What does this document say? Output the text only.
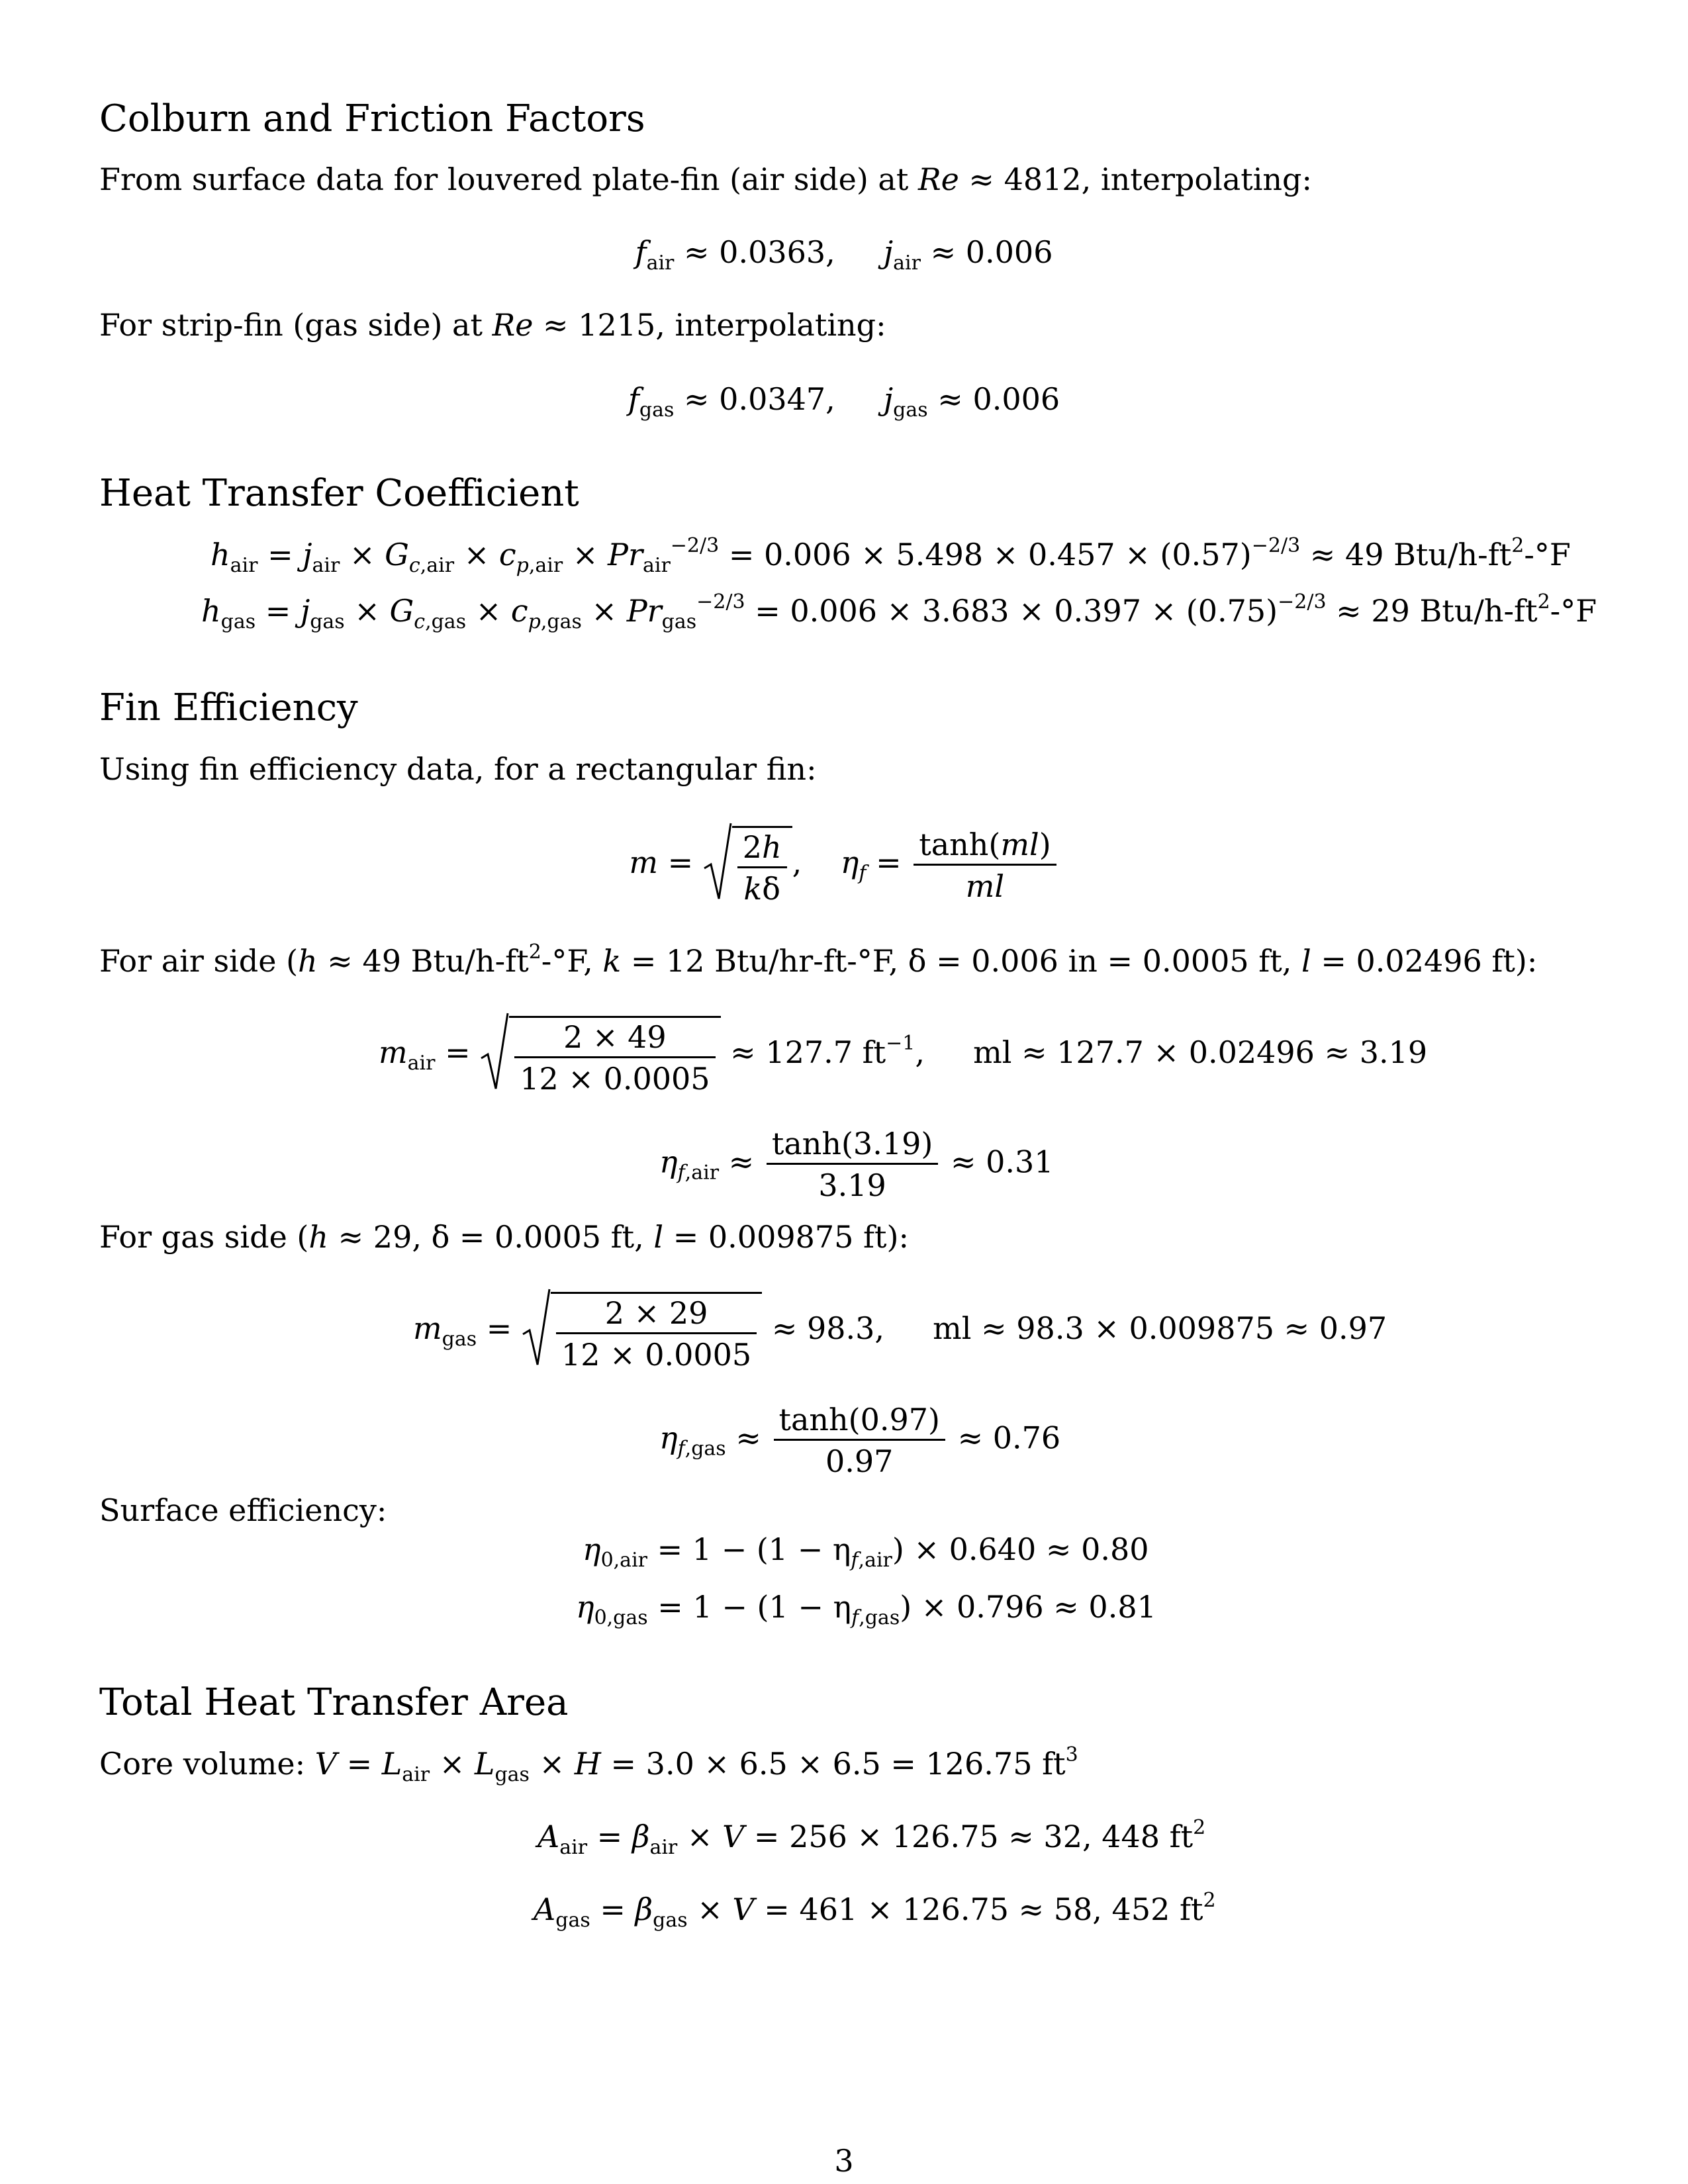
Colburn and Friction Factors

From surface data for louvered plate-fin (air side) at Re ≈ 4812, interpolating:

$f_{air} \approx 0.0363$, $j_{air} \approx 0.006$

For strip-fin (gas side) at Re ≈ 1215, interpolating:

$f_{gas} \approx 0.0347$, $j_{gas} \approx 0.006$
Heat Transfer Coefficient
$h_{air} = j_{air} \times G_{c,air} \times c_{p,air} \times Pr_{air}^{-2/3} = 0.006 \times 5.498 \times 0.457 \times (0.57)^{-2/3} \approx 49$ Btu/$h-ft^2-^\circ F$
$h_{gas} = j_{gas} \times G_{c,gas} \times c_{p,gas} \times Pr_{gas}^{-2/3} = 0.006 \times 3.683 \times 0.397 \times (0.75)^{-2/3} \approx 29$ Btu/$h-ft^2-^\circ F$
Fin Efficiency

Using fin efficiency data, for a rectangular fin:

$m = \frac{2h}{k\delta}$ ,    $\eta_f = \frac{\tanh(ml)}{ml}$

For air side (h ≈ 49 Btu/$h-ft^2-^\circ F$, k = 12 Btu/hr-ft-°F, δ = 0.006 in = 0.0005 ft, l = 0.02496 ft):

$m_{air} = \frac{2 \times 49}{12 \times 0.0005} \approx 127.7$ $ft^{-1}$,     ml ≈ 127.7 × 0.02496 ≈ 3.19
$\eta_{f,air} \approx \frac{\tanh(3.19)}{3.19} \approx 0.31$

For gas side (h ≈ 29, δ = 0.0005 ft, l = 0.009875 ft):

$m_{gas} = \frac{2 \times 29}{12 \times 0.0005} \approx 98.3$, ml ≈ 98.3 × 0.009875 ≈ 0.97
$\eta_{f,gas} \approx \frac{\tanh(0.97)}{0.97} \approx 0.76$

Surface efficiency:

$\eta_{0,air} = 1 - (1 - \eta_{f,air}) \times 0.640 \approx 0.80$
$\eta_{0,gas} = 1 - (1 - \eta_{f,gas}) \times 0.796 \approx 0.81$
Total Heat Transfer Area

Core volume: $V = L_{air} \times L_{gas} \times H = 3.0 \times 6.5 \times 6.5 = 126.75$ $ft^3$

$A_{air} = \beta_{air} \times V = 256 \times 126.75 \approx 32$, 448 $ft^2$
$A_{gas} = \beta_{gas} \times V = 461 \times 126.75 \approx 58$, 452 $ft^2$
3
